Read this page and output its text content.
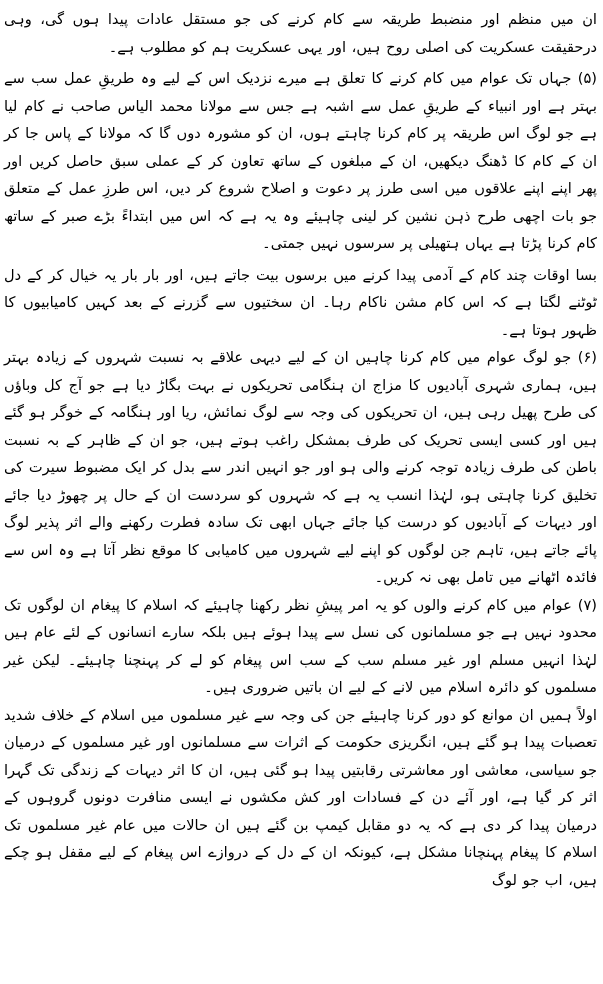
ان میں منظم اور منضبط طریقہ سے کام کرنے کی جو مستقل عادات پیدا ہوں گی، وہی درحقیقت عسکریت کی اصلی روح ہیں، اور یہی عسکریت ہم کو مطلوب ہے۔

(۵) جہاں تک عوام میں کام کرنے کا تعلق ہے میرے نزدیک اس کے لیے وہ طریقِ عمل سب سے بہتر ہے اور انبیاء کے طریقِ عمل سے اشبہ ہے جس سے مولانا محمد الیاس صاحب نے کام لیا ہے جو لوگ اس طریقہ پر کام کرنا چاہتے ہوں، ان کو مشورہ دوں گا کہ مولانا کے پاس جا کر ان کے کام کا ڈھنگ دیکھیں، ان کے مبلغوں کے ساتھ تعاون کر کے عملی سبق حاصل کریں اور پھر اپنے اپنے علاقوں میں اسی طرز پر دعوت و اصلاح شروع کر دیں، اس طرزِ عمل کے متعلق جو بات اچھی طرح ذہن نشین کر لینی چاہیئے وہ یہ ہے کہ اس میں ابتداءً بڑے صبر کے ساتھ کام کرنا پڑتا ہے یہاں ہتھیلی پر سرسوں نہیں جمتی۔

بسا اوقات چند کام کے آدمی پیدا کرنے میں برسوں بیت جاتے ہیں، اور بار بار یہ خیال کر کے دل ٹوٹنے لگتا ہے کہ اس کام مشن ناکام رہا۔ ان سختیوں سے گزرنے کے بعد کہیں کامیابیوں کا ظہور ہوتا ہے۔

(۶) جو لوگ عوام میں کام کرنا چاہیں ان کے لیے دیہی علاقے بہ نسبت شہروں کے زیادہ بہتر ہیں، ہماری شہری آبادیوں کا مزاج ان ہنگامی تحریکوں نے بہت بگاڑ دیا ہے جو آج کل وباؤں کی طرح پھیل رہی ہیں، ان تحریکوں کی وجہ سے لوگ نمائش، ریا اور ہنگامہ کے خوگر ہو گئے ہیں اور کسی ایسی تحریک کی طرف بمشکل راغب ہوتے ہیں، جو ان کے ظاہر کے بہ نسبت باطن کی طرف زیادہ توجہ کرنے والی ہو اور جو انہیں اندر سے بدل کر ایک مضبوط سیرت کی تخلیق کرنا چاہتی ہو، لہٰذا انسب یہ ہے کہ شہروں کو سردست ان کے حال پر چھوڑ دیا جائے اور دیہات کے آبادیوں کو درست کیا جائے جہاں ابھی تک سادہ فطرت رکھنے والے اثر پذیر لوگ پائے جاتے ہیں، تاہم جن لوگوں کو اپنے لیے شہروں میں کامیابی کا موقع نظر آتا ہے وہ اس سے فائدہ اٹھانے میں تامل بھی نہ کریں۔

(۷) عوام میں کام کرنے والوں کو یہ امر پیشِ نظر رکھنا چاہیئے کہ اسلام کا پیغام ان لوگوں تک محدود نہیں ہے جو مسلمانوں کی نسل سے پیدا ہوئے ہیں بلکہ سارے انسانوں کے لئے عام ہیں لہٰذا انہیں مسلم اور غیر مسلم سب کے سب اس پیغام کو لے کر پہنچنا چاہیئے۔ لیکن غیر مسلموں کو دائرہ اسلام میں لانے کے لیے ان باتیں ضروری ہیں۔

اولاً ہمیں ان موانع کو دور کرنا چاہیئے جن کی وجہ سے غیر مسلموں میں اسلام کے خلاف شدید تعصبات پیدا ہو گئے ہیں، انگریزی حکومت کے اثرات سے مسلمانوں اور غیر مسلموں کے درمیان جو سیاسی، معاشی اور معاشرتی رقابتیں پیدا ہو گئی ہیں، ان کا اثر دیہات کے زندگی تک گہرا اثر کر گیا ہے، اور آئے دن کے فسادات اور کش مکشوں نے ایسی منافرت دونوں گروہوں کے درمیان پیدا کر دی ہے کہ یہ دو مقابل کیمپ بن گئے ہیں ان حالات میں عام غیر مسلموں تک اسلام کا پیغام پہنچانا مشکل ہے، کیونکہ ان کے دل کے دروازے اس پیغام کے لیے مقفل ہو چکے ہیں، اب جو لوگ
